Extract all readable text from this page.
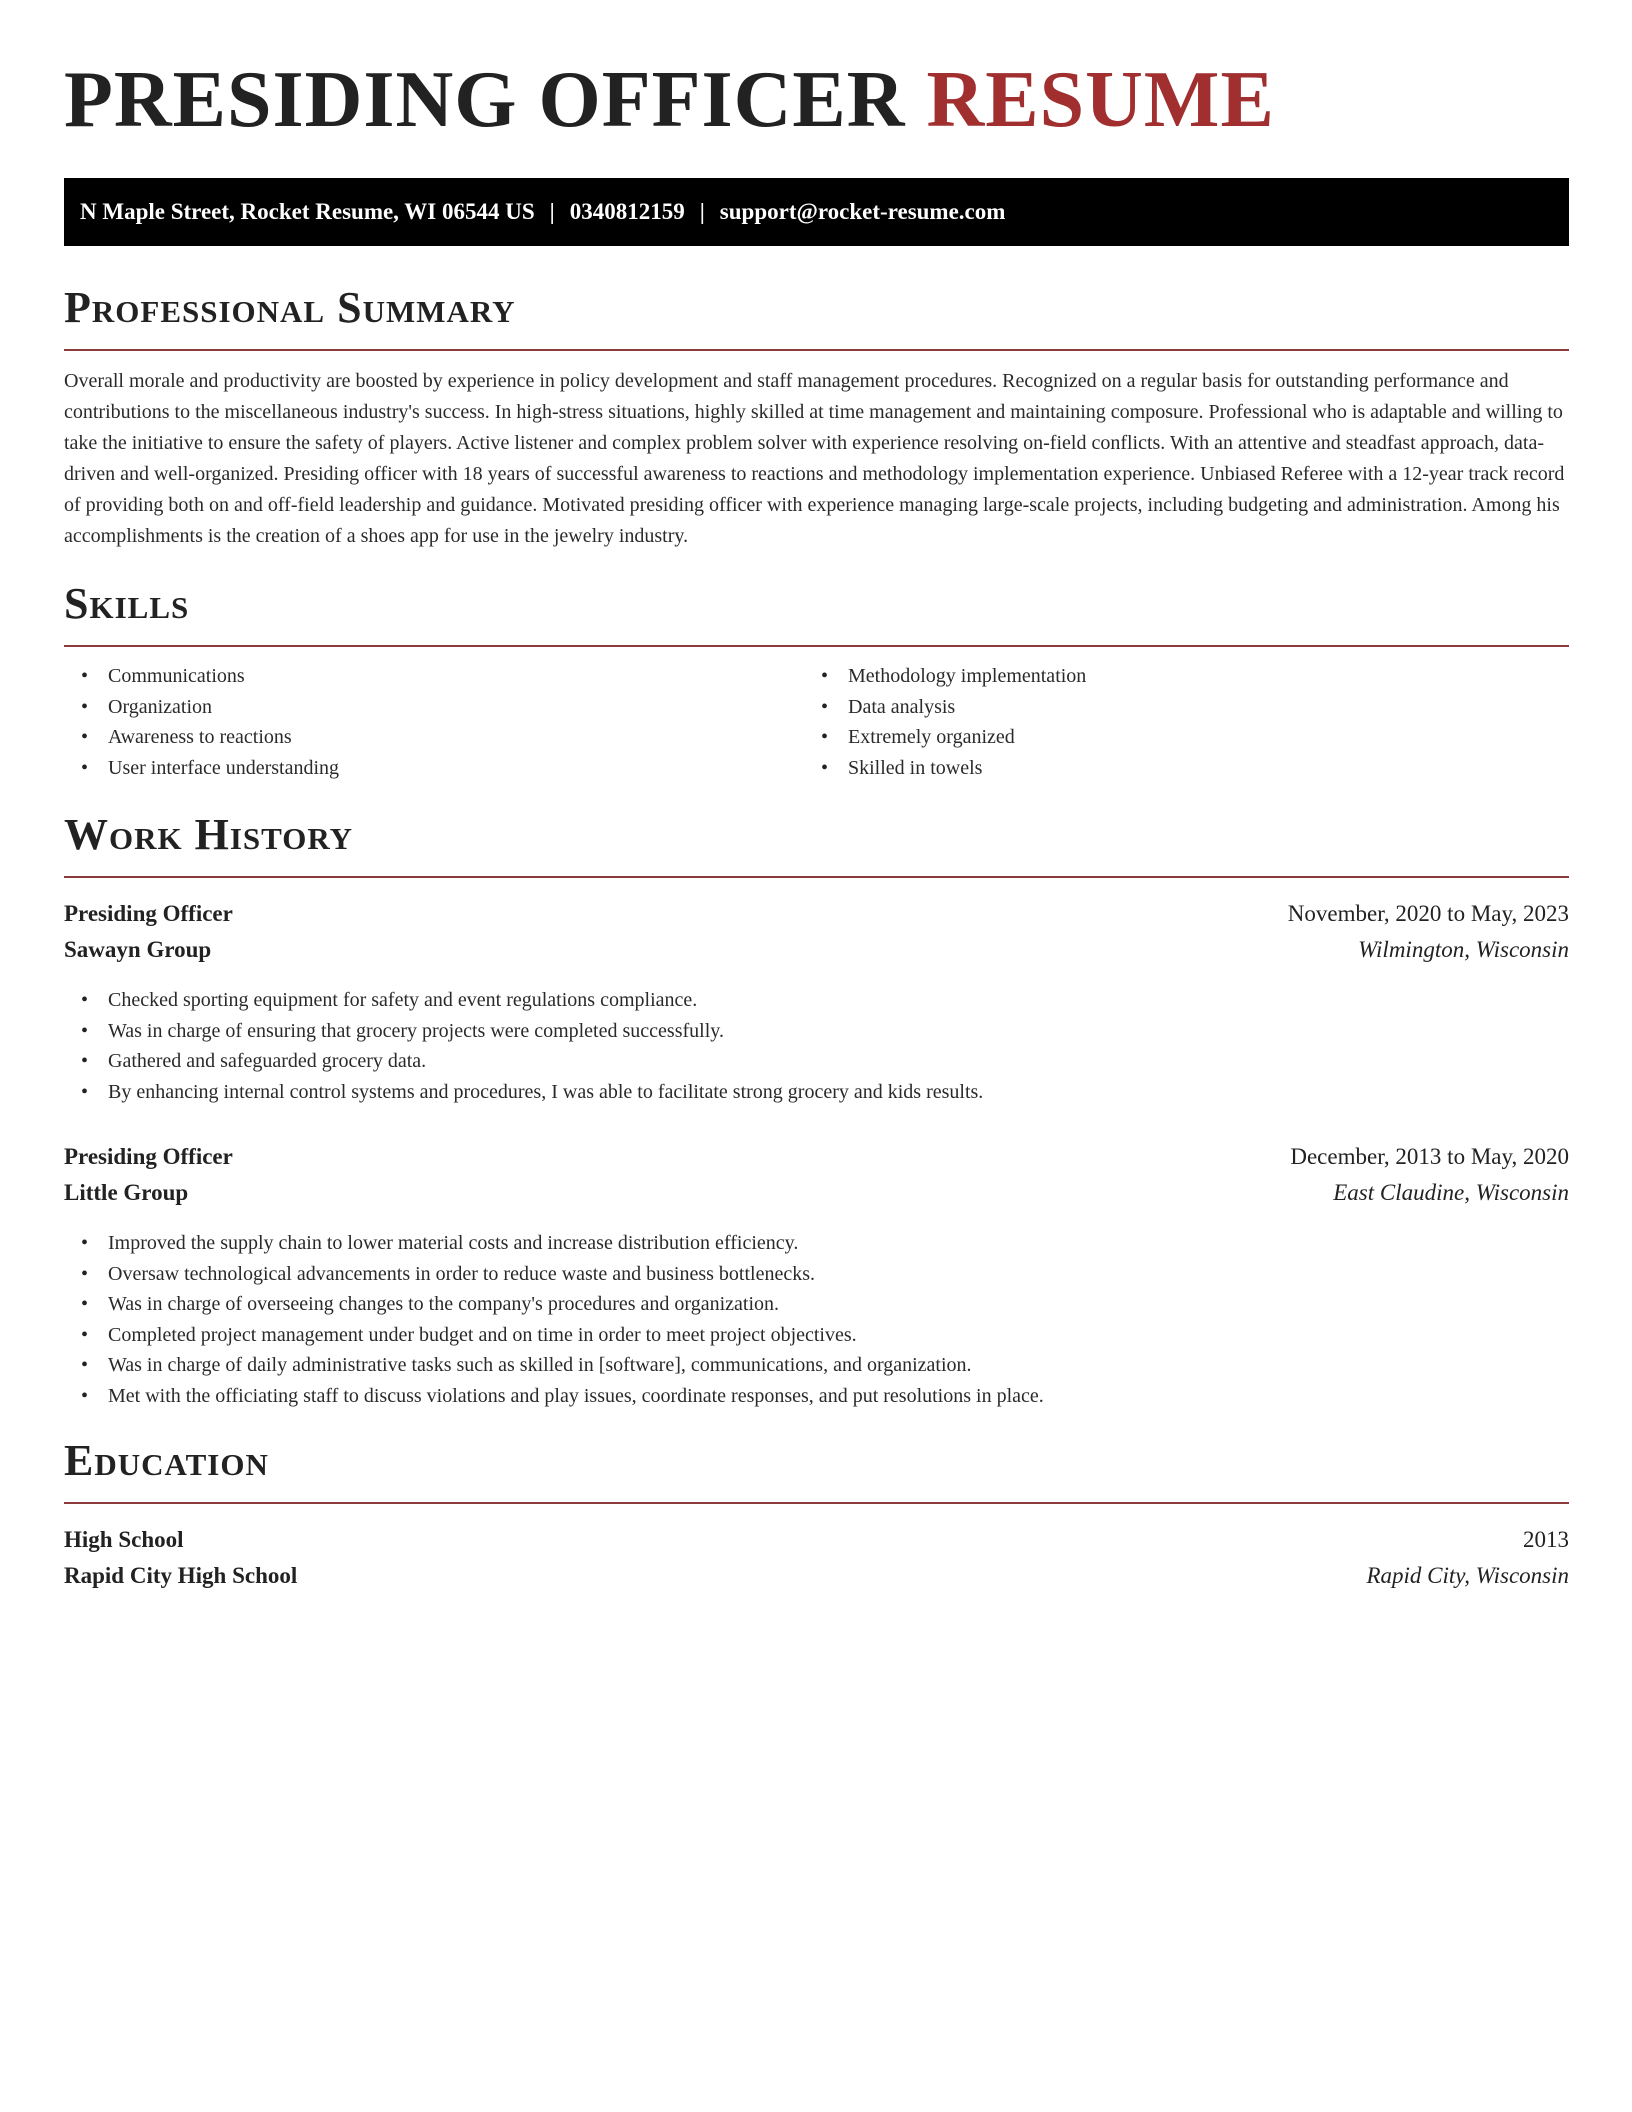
PRESIDING OFFICER RESUME
N Maple Street, Rocket Resume, WI 06544 US | 0340812159 | support@rocket-resume.com
Professional Summary

Overall morale and productivity are boosted by experience in policy development and staff management procedures. Recognized on a regular basis for outstanding performance and contributions to the miscellaneous industry's success. In high-stress situations, highly skilled at time management and maintaining composure. Professional who is adaptable and willing to take the initiative to ensure the safety of players. Active listener and complex problem solver with experience resolving on-field conflicts. With an attentive and steadfast approach, data-driven and well-organized. Presiding officer with 18 years of successful awareness to reactions and methodology implementation experience. Unbiased Referee with a 12-year track record of providing both on and off-field leadership and guidance. Motivated presiding officer with experience managing large-scale projects, including budgeting and administration. Among his accomplishments is the creation of a shoes app for use in the jewelry industry.

Skills
• Communications
• Organization
• Awareness to reactions
• User interface understanding
• Methodology implementation
• Data analysis
• Extremely organized
• Skilled in towels
Work History
Presiding Officer	November, 2020 to May, 2023
Sawayn Group	Wilmington, Wisconsin
• Checked sporting equipment for safety and event regulations compliance.
• Was in charge of ensuring that grocery projects were completed successfully.
• Gathered and safeguarded grocery data.
• By enhancing internal control systems and procedures, I was able to facilitate strong grocery and kids results.
Presiding Officer	December, 2013 to May, 2020
Little Group	East Claudine, Wisconsin
• Improved the supply chain to lower material costs and increase distribution efficiency.
• Oversaw technological advancements in order to reduce waste and business bottlenecks.
• Was in charge of overseeing changes to the company's procedures and organization.
• Completed project management under budget and on time in order to meet project objectives.
• Was in charge of daily administrative tasks such as skilled in [software], communications, and organization.
• Met with the officiating staff to discuss violations and play issues, coordinate responses, and put resolutions in place.
Education
High School	2013
Rapid City High School	Rapid City, Wisconsin
